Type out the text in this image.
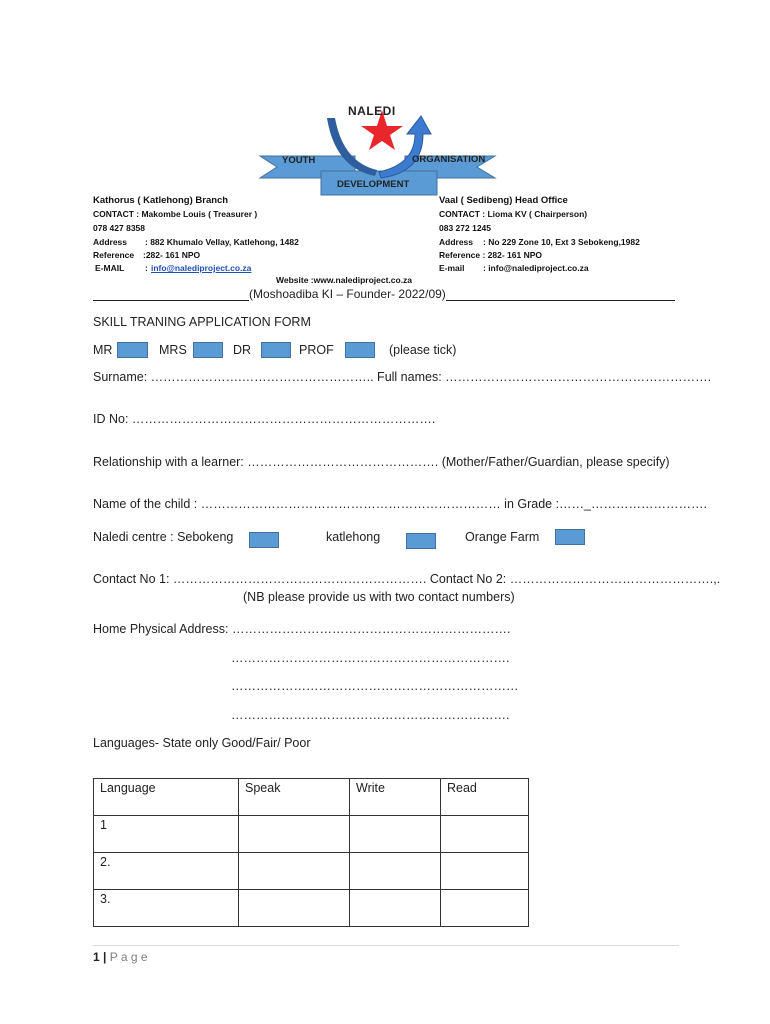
NALEDI
YOUTH	ORGANISATION
DEVELOPMENT
Kathorus ( Katlehong) Branch
CONTACT : Makombe Louis ( Treasurer )
078 427 8358
Address : 882 Khumalo Vellay, Katlehong, 1482
Reference :282- 161 NPO
E-MAIL : info@nalediproject.co.za
Vaal ( Sedibeng) Head Office
CONTACT : Lioma KV ( Chairperson)
083 272 1245
Address : No 229 Zone 10, Ext 3 Sebokeng,1982
Reference : 282- 161 NPO
E-mail : info@nalediproject.co.za
Website :www.nalediproject.co.za
(Moshoadiba KI – Founder- 2022/09)
SKILL TRANING APPLICATION FORM
MR	MRS	DR	PROF	(please tick)
Surname: ………………….………………………….. Full names: ……………………………………………………….
ID No: ……………………………………………………………….
Relationship with a learner: ………………………………………. (Mother/Father/Guardian, please specify)
Name of the child : ……………………………………………………………… in Grade :……_……………………….
Naledi centre : Sebokeng	katlehong	Orange Farm
Contact No 1: ……………………………………………………. Contact No 2: ………………………………………….,.
(NB please provide us with two contact numbers)
Home Physical Address: ………………………………………………………….
………………………………………………………….
……………………………………………………………
………………………………………………………….
Languages- State only Good/Fair/ Poor
Language	Speak	Write	Read
1			
2.			
3.			
1 | P a g e
